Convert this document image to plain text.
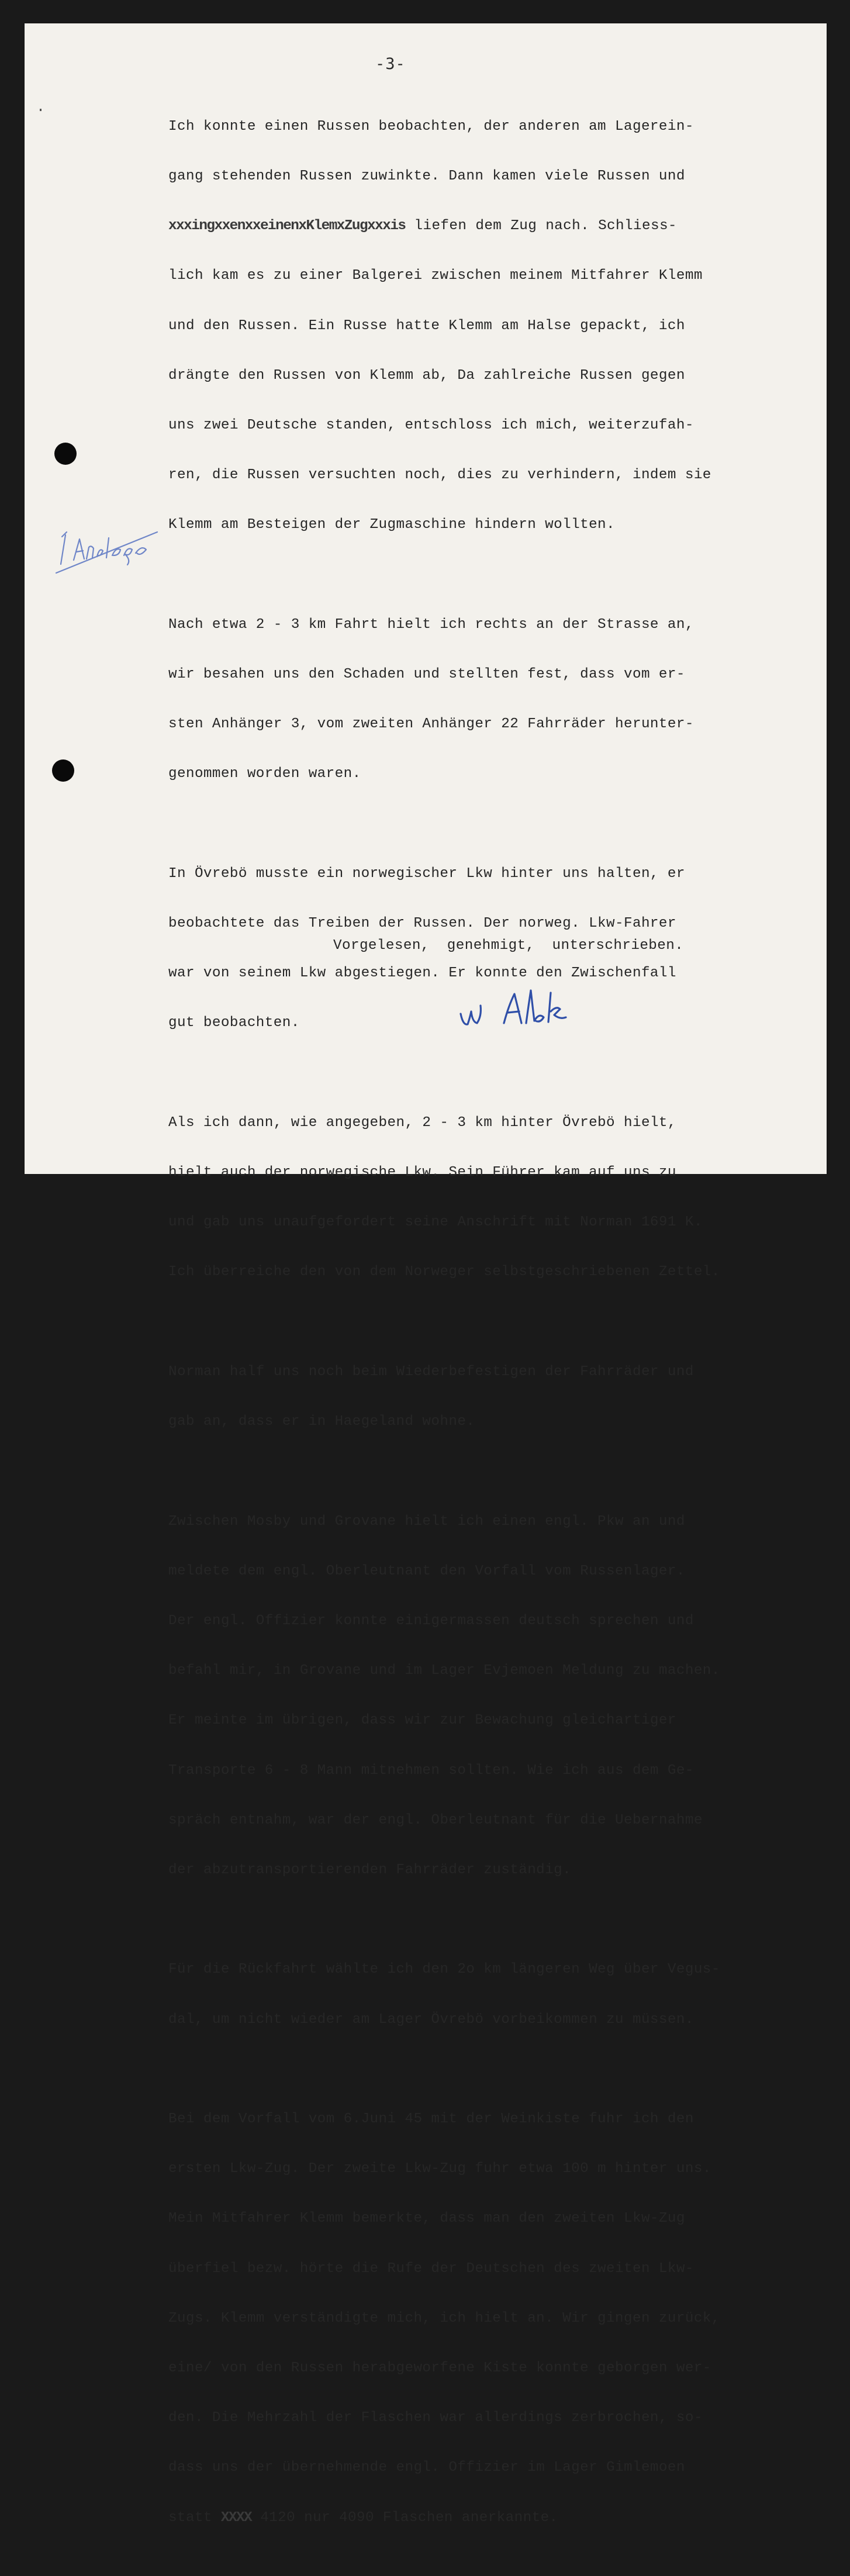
-3-

Ich konnte einen Russen beobachten, der anderen am Lagerein-

gang stehenden Russen zuwinkte. Dann kamen viele Russen und

xxxingxxenxxeinenxKlemxZugxxxis liefen dem Zug nach. Schliess-

lich kam es zu einer Balgerei zwischen meinem Mitfahrer Klemm

und den Russen. Ein Russe hatte Klemm am Halse gepackt, ich

drängte den Russen von Klemm ab, Da zahlreiche Russen gegen

uns zwei Deutsche standen, entschloss ich mich, weiterzufah-

ren, die Russen versuchten noch, dies zu verhindern, indem sie

Klemm am Besteigen der Zugmaschine hindern wollten.

Nach etwa 2 - 3 km Fahrt hielt ich rechts an der Strasse an,

wir besahen uns den Schaden und stellten fest, dass vom er-

sten Anhänger 3, vom zweiten Anhänger 22 Fahrräder herunter-

genommen worden waren.

In Övrebö musste ein norwegischer Lkw hinter uns halten, er

beobachtete das Treiben der Russen. Der norweg. Lkw-Fahrer

war von seinem Lkw abgestiegen. Er konnte den Zwischenfall

gut beobachten.

Als ich dann, wie angegeben, 2 - 3 km hinter Övrebö hielt,

hielt auch der norwegische Lkw. Sein Führer kam auf uns zu

und gab uns unaufgefordert seine Anschrift mit Norman 1691 K.

Ich überreiche den von dem Norweger selbstgeschriebenen Zettel.

Norman half uns noch beim Wiederbefestigen der Fahrräder und

gab an, dass er in Haegeland wohne.

Zwischen Mosby und Grovane hielt ich einen engl. Pkw an und

meldete dem engl. Oberleutnant den Vorfall vom Russenlager.

Der engl. Offizier konnte einigermassen deutsch sprechen und

befahl mir, in Grovane und im Lager Evjemoen Meldung zu machen.

Er meinte im übrigen, dass wir zur Bewachung gleichartiger

Transporte 6 - 8 Mann mitnehmen sollten. Wie ich aus dem Ge-

spräch entnahm, war der engl. Oberleutnant für die Uebernahme

der abzutransportierenden Fahrräder zuständig.

Für die Rückfahrt wählte ich den 2o km längeren Weg über Vegus-

dal, um nicht wieder am Lager Övrebö vorbeikommen zu müssen.

Bei dem Vorfall vom 6.Juni 45 mit der Weinkiste fuhr ich den

ersten Lkw-Zug. Der zweite Lkw-Zug fuhr etwa 100 m hinter uns.

Mein Mitfahrer Klemm bemerkte, dass man den zweiten Lkw-Zug

überfiel bezw. hörte die Rufe der Deutschen des zweiten Lkw-

Zugs. Klemm verständigte mich, ich hielt an. Wir gingen zurück,

eine/ von den Russen herabgeworfene Kiste konnte geborgen wer-

den. Die Mehrzahl der Flaschen war allerdings zerbrochen, so-

dass uns der übernehmende engl. Offizier im Lager Gimlemoen

statt XXXX 4120 nur 4090 Flaschen anerkannte.

Vorgelesen,  genehmigt,  unterschrieben.
